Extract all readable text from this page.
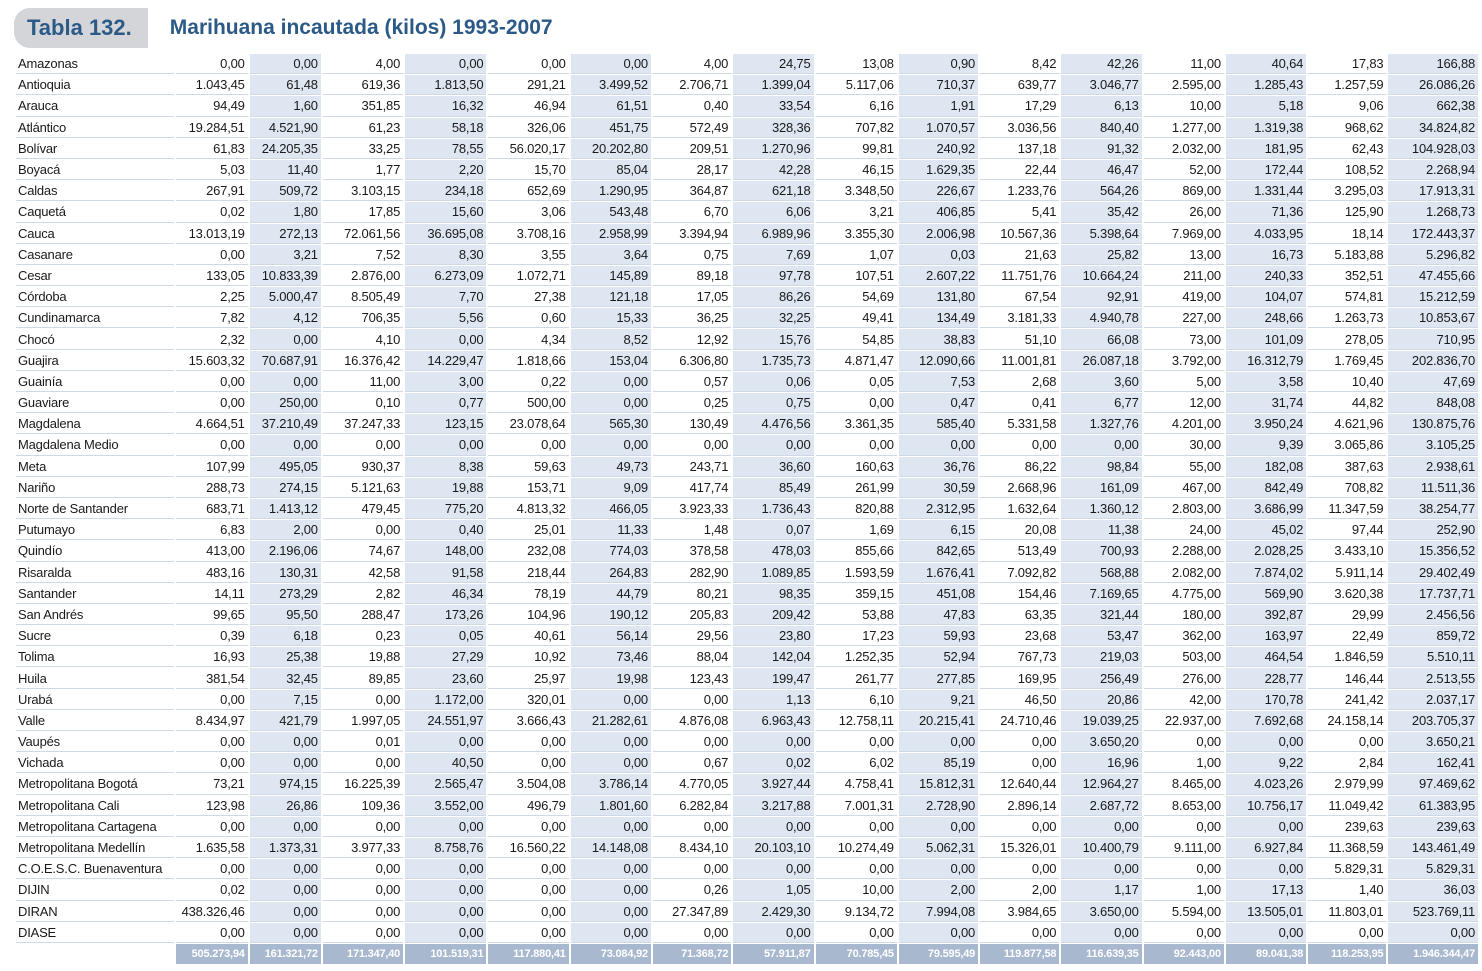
Tabla 132.	Marihuana incautada (kilos) 1993-2007
Amazonas	0,00	0,00	4,00	0,00	0,00	0,00	4,00	24,75	13,08	0,90	8,42	42,26	11,00	40,64	17,83	166,88
Antioquia	1.043,45	61,48	619,36	1.813,50	291,21	3.499,52	2.706,71	1.399,04	5.117,06	710,37	639,77	3.046,77	2.595,00	1.285,43	1.257,59	26.086,26
Arauca	94,49	1,60	351,85	16,32	46,94	61,51	0,40	33,54	6,16	1,91	17,29	6,13	10,00	5,18	9,06	662,38
Atlántico	19.284,51	4.521,90	61,23	58,18	326,06	451,75	572,49	328,36	707,82	1.070,57	3.036,56	840,40	1.277,00	1.319,38	968,62	34.824,82
Bolívar	61,83	24.205,35	33,25	78,55	56.020,17	20.202,80	209,51	1.270,96	99,81	240,92	137,18	91,32	2.032,00	181,95	62,43	104.928,03
Boyacá	5,03	11,40	1,77	2,20	15,70	85,04	28,17	42,28	46,15	1.629,35	22,44	46,47	52,00	172,44	108,52	2.268,94
Caldas	267,91	509,72	3.103,15	234,18	652,69	1.290,95	364,87	621,18	3.348,50	226,67	1.233,76	564,26	869,00	1.331,44	3.295,03	17.913,31
Caquetá	0,02	1,80	17,85	15,60	3,06	543,48	6,70	6,06	3,21	406,85	5,41	35,42	26,00	71,36	125,90	1.268,73
Cauca	13.013,19	272,13	72.061,56	36.695,08	3.708,16	2.958,99	3.394,94	6.989,96	3.355,30	2.006,98	10.567,36	5.398,64	7.969,00	4.033,95	18,14	172.443,37
Casanare	0,00	3,21	7,52	8,30	3,55	3,64	0,75	7,69	1,07	0,03	21,63	25,82	13,00	16,73	5.183,88	5.296,82
Cesar	133,05	10.833,39	2.876,00	6.273,09	1.072,71	145,89	89,18	97,78	107,51	2.607,22	11.751,76	10.664,24	211,00	240,33	352,51	47.455,66
Córdoba	2,25	5.000,47	8.505,49	7,70	27,38	121,18	17,05	86,26	54,69	131,80	67,54	92,91	419,00	104,07	574,81	15.212,59
Cundinamarca	7,82	4,12	706,35	5,56	0,60	15,33	36,25	32,25	49,41	134,49	3.181,33	4.940,78	227,00	248,66	1.263,73	10.853,67
Chocó	2,32	0,00	4,10	0,00	4,34	8,52	12,92	15,76	54,85	38,83	51,10	66,08	73,00	101,09	278,05	710,95
Guajira	15.603,32	70.687,91	16.376,42	14.229,47	1.818,66	153,04	6.306,80	1.735,73	4.871,47	12.090,66	11.001,81	26.087,18	3.792,00	16.312,79	1.769,45	202.836,70
Guainía	0,00	0,00	11,00	3,00	0,22	0,00	0,57	0,06	0,05	7,53	2,68	3,60	5,00	3,58	10,40	47,69
Guaviare	0,00	250,00	0,10	0,77	500,00	0,00	0,25	0,75	0,00	0,47	0,41	6,77	12,00	31,74	44,82	848,08
Magdalena	4.664,51	37.210,49	37.247,33	123,15	23.078,64	565,30	130,49	4.476,56	3.361,35	585,40	5.331,58	1.327,76	4.201,00	3.950,24	4.621,96	130.875,76
Magdalena Medio	0,00	0,00	0,00	0,00	0,00	0,00	0,00	0,00	0,00	0,00	0,00	0,00	30,00	9,39	3.065,86	3.105,25
Meta	107,99	495,05	930,37	8,38	59,63	49,73	243,71	36,60	160,63	36,76	86,22	98,84	55,00	182,08	387,63	2.938,61
Nariño	288,73	274,15	5.121,63	19,88	153,71	9,09	417,74	85,49	261,99	30,59	2.668,96	161,09	467,00	842,49	708,82	11.511,36
Norte de Santander	683,71	1.413,12	479,45	775,20	4.813,32	466,05	3.923,33	1.736,43	820,88	2.312,95	1.632,64	1.360,12	2.803,00	3.686,99	11.347,59	38.254,77
Putumayo	6,83	2,00	0,00	0,40	25,01	11,33	1,48	0,07	1,69	6,15	20,08	11,38	24,00	45,02	97,44	252,90
Quindío	413,00	2.196,06	74,67	148,00	232,08	774,03	378,58	478,03	855,66	842,65	513,49	700,93	2.288,00	2.028,25	3.433,10	15.356,52
Risaralda	483,16	130,31	42,58	91,58	218,44	264,83	282,90	1.089,85	1.593,59	1.676,41	7.092,82	568,88	2.082,00	7.874,02	5.911,14	29.402,49
Santander	14,11	273,29	2,82	46,34	78,19	44,79	80,21	98,35	359,15	451,08	154,46	7.169,65	4.775,00	569,90	3.620,38	17.737,71
San Andrés	99,65	95,50	288,47	173,26	104,96	190,12	205,83	209,42	53,88	47,83	63,35	321,44	180,00	392,87	29,99	2.456,56
Sucre	0,39	6,18	0,23	0,05	40,61	56,14	29,56	23,80	17,23	59,93	23,68	53,47	362,00	163,97	22,49	859,72
Tolima	16,93	25,38	19,88	27,29	10,92	73,46	88,04	142,04	1.252,35	52,94	767,73	219,03	503,00	464,54	1.846,59	5.510,11
Huila	381,54	32,45	89,85	23,60	25,97	19,98	123,43	199,47	261,77	277,85	169,95	256,49	276,00	228,77	146,44	2.513,55
Urabá	0,00	7,15	0,00	1.172,00	320,01	0,00	0,00	1,13	6,10	9,21	46,50	20,86	42,00	170,78	241,42	2.037,17
Valle	8.434,97	421,79	1.997,05	24.551,97	3.666,43	21.282,61	4.876,08	6.963,43	12.758,11	20.215,41	24.710,46	19.039,25	22.937,00	7.692,68	24.158,14	203.705,37
Vaupés	0,00	0,00	0,01	0,00	0,00	0,00	0,00	0,00	0,00	0,00	0,00	3.650,20	0,00	0,00	0,00	3.650,21
Vichada	0,00	0,00	0,00	40,50	0,00	0,00	0,67	0,02	6,02	85,19	0,00	16,96	1,00	9,22	2,84	162,41
Metropolitana Bogotá	73,21	974,15	16.225,39	2.565,47	3.504,08	3.786,14	4.770,05	3.927,44	4.758,41	15.812,31	12.640,44	12.964,27	8.465,00	4.023,26	2.979,99	97.469,62
Metropolitana Cali	123,98	26,86	109,36	3.552,00	496,79	1.801,60	6.282,84	3.217,88	7.001,31	2.728,90	2.896,14	2.687,72	8.653,00	10.756,17	11.049,42	61.383,95
Metropolitana Cartagena	0,00	0,00	0,00	0,00	0,00	0,00	0,00	0,00	0,00	0,00	0,00	0,00	0,00	0,00	239,63	239,63
Metropolitana Medellín	1.635,58	1.373,31	3.977,33	8.758,76	16.560,22	14.148,08	8.434,10	20.103,10	10.274,49	5.062,31	15.326,01	10.400,79	9.111,00	6.927,84	11.368,59	143.461,49
C.O.E.S.C. Buenaventura	0,00	0,00	0,00	0,00	0,00	0,00	0,00	0,00	0,00	0,00	0,00	0,00	0,00	0,00	5.829,31	5.829,31
DIJIN	0,02	0,00	0,00	0,00	0,00	0,00	0,26	1,05	10,00	2,00	2,00	1,17	1,00	17,13	1,40	36,03
DIRAN	438.326,46	0,00	0,00	0,00	0,00	0,00	27.347,89	2.429,30	9.134,72	7.994,08	3.984,65	3.650,00	5.594,00	13.505,01	11.803,01	523.769,11
DIASE	0,00	0,00	0,00	0,00	0,00	0,00	0,00	0,00	0,00	0,00	0,00	0,00	0,00	0,00	0,00	0,00
TOTAL	505.273,94	161.321,72	171.347,40	101.519,31	117.880,41	73.084,92	71.368,72	57.911,87	70.785,45	79.595,49	119.877,58	116.639,35	92.443,00	89.041,38	118.253,95	1.946.344,47
